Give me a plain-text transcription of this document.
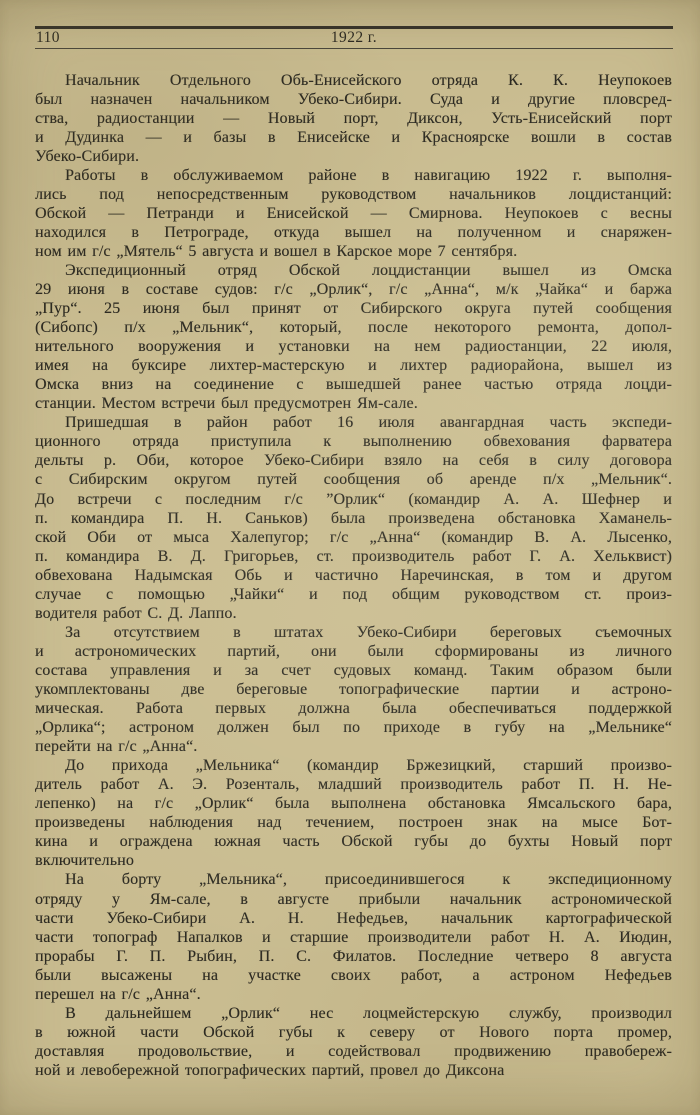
110	1922 г.
Начальник Отдельного Обь-Енисейского отряда К. К. Неупокоев
был назначен начальником Убеко-Сибири. Суда и другие пловсред-
ства, радиостанции — Новый порт, Диксон, Усть-Енисейский порт
и Дудинка — и базы в Енисейске и Красноярске вошли в состав
Убеко-Сибири.
Работы в обслуживаемом районе в навигацию 1922 г. выполня-
лись под непосредственным руководством начальников лоцдистанций:
Обской — Петранди и Енисейской — Смирнова. Неупокоев с весны
находился в Петрограде, откуда вышел на полученном и снаряжен-
ном им г/с „Мятель“ 5 августа и вошел в Карское море 7 сентября.
Экспедиционный отряд Обской лоцдистанции вышел из Омска
29 июня в составе судов: г/с „Орлик“, г/с „Анна“, м/к „Чайка“ и баржа
„Пур“. 25 июня был принят от Сибирского округа путей сообщения
(Сибопс) п/х „Мельник“, который, после некоторого ремонта, допол-
нительного вооружения и установки на нем радиостанции, 22 июля,
имея на буксире лихтер-мастерскую и лихтер радиорайона, вышел из
Омска вниз на соединение с вышедшей ранее частью отряда лоцди-
станции. Местом встречи был предусмотрен Ям-сале.
Пришедшая в район работ 16 июля авангардная часть экспеди-
ционного отряда приступила к выполнению обвехования фарватера
дельты р. Оби, которое Убеко-Сибири взяло на себя в силу договора
с Сибирским округом путей сообщения об аренде п/х „Мельник“.
До встречи с последним г/с ”Орлик“ (командир А. А. Шефнер и
п. командира П. Н. Саньков) была произведена обстановка Хаманель-
ской Оби от мыса Халепугор; г/с „Анна“ (командир В. А. Лысенко,
п. командира В. Д. Григорьев, ст. производитель работ Г. А. Хельквист)
обвехована Надымская Обь и частично Наречинская, в том и другом
случае с помощью „Чайки“ и под общим руководством ст. произ-
водителя работ С. Д. Лаппо.
За отсутствием в штатах Убеко-Сибири береговых съемочных
и астрономических партий, они были сформированы из личного
состава управления и за счет судовых команд. Таким образом были
укомплектованы две береговые топографические партии и астроно-
мическая. Работа первых должна была обеспечиваться поддержкой
„Орлика“; астроном должен был по приходе в губу на „Мельнике“
перейти на г/с „Анна“.
До прихода „Мельника“ (командир Бржезицкий, старший произво-
дитель работ А. Э. Розенталь, младший производитель работ П. Н. Не-
лепенко) на г/с „Орлик“ была выполнена обстановка Ямсальского бара,
произведены наблюдения над течением, построен знак на мысе Бот-
кина и ограждена южная часть Обской губы до бухты Новый порт
включительно
На борту „Мельника“, присоединившегося к экспедиционному
отряду у Ям-сале, в августе прибыли начальник астрономической
части Убеко-Сибири А. Н. Нефедьев, начальник картографической
части топограф Напалков и старшие производители работ Н. А. Июдин,
прорабы Г. П. Рыбин, П. С. Филатов. Последние четверо 8 августа
были высажены на участке своих работ, а астроном Нефедьев
перешел на г/с „Анна“.
В дальнейшем „Орлик“ нес лоцмейстерскую службу, производил
в южной части Обской губы к северу от Нового порта промер,
доставляя продовольствие, и содействовал продвижению правобереж-
ной и левобережной топографических партий, провел до Диксона
